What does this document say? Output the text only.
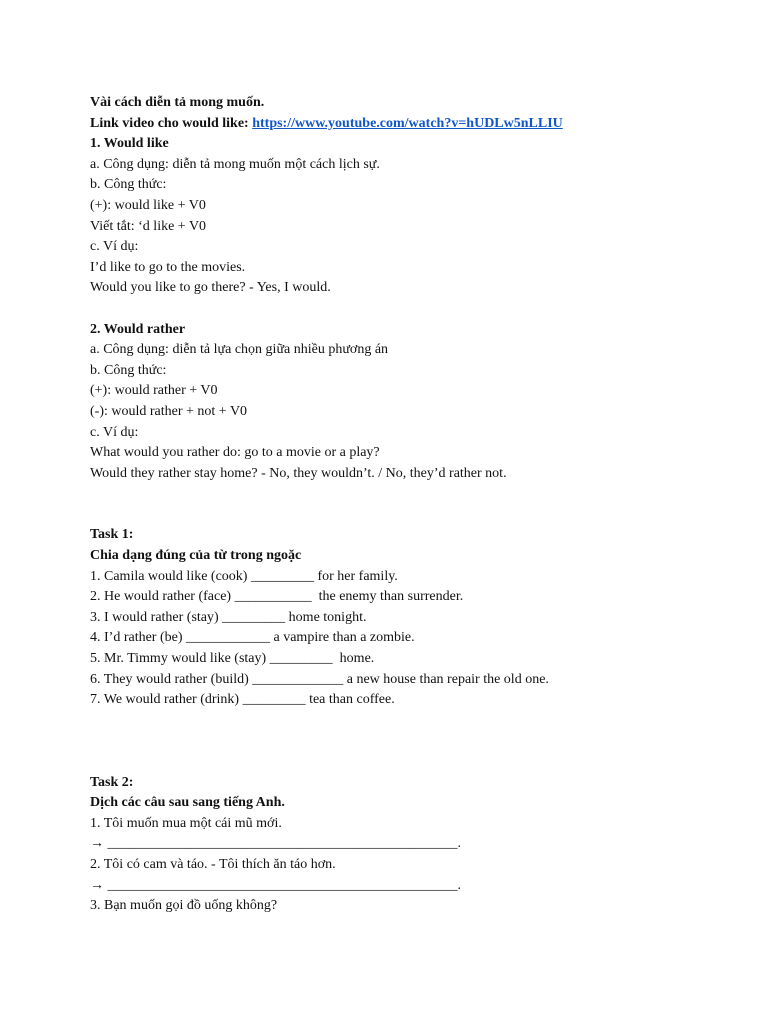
Vài cách diễn tả mong muốn.
Link video cho would like: https://www.youtube.com/watch?v=hUDLw5nLLIU
1. Would like
a. Công dụng: diễn tả mong muốn một cách lịch sự.
b. Công thức:
(+): would like + V0
Viết tắt: ‘d like + V0
c. Ví dụ:
I’d like to go to the movies.
Would you like to go there? - Yes, I would.
2. Would rather
a. Công dụng: diễn tả lựa chọn giữa nhiều phương án
b. Công thức:
(+): would rather + V0
(-): would rather + not + V0
c. Ví dụ:
What would you rather do: go to a movie or a play?
Would they rather stay home? - No, they wouldn’t. / No, they’d rather not.
Task 1:
Chia dạng đúng của từ trong ngoặc
1. Camila would like (cook) _________ for her family.
2. He would rather (face) ___________  the enemy than surrender.
3. I would rather (stay) _________ home tonight.
4. I’d rather (be) ____________ a vampire than a zombie.
5. Mr. Timmy would like (stay) _________  home.
6. They would rather (build) _____________ a new house than repair the old one.
7. We would rather (drink) _________ tea than coffee.
Task 2:
Dịch các câu sau sang tiếng Anh.
1. Tôi muốn mua một cái mũ mới.
→ __________________________________________________.
2. Tôi có cam và táo. - Tôi thích ăn táo hơn.
→ __________________________________________________.
3. Bạn muốn gọi đồ uống không?
